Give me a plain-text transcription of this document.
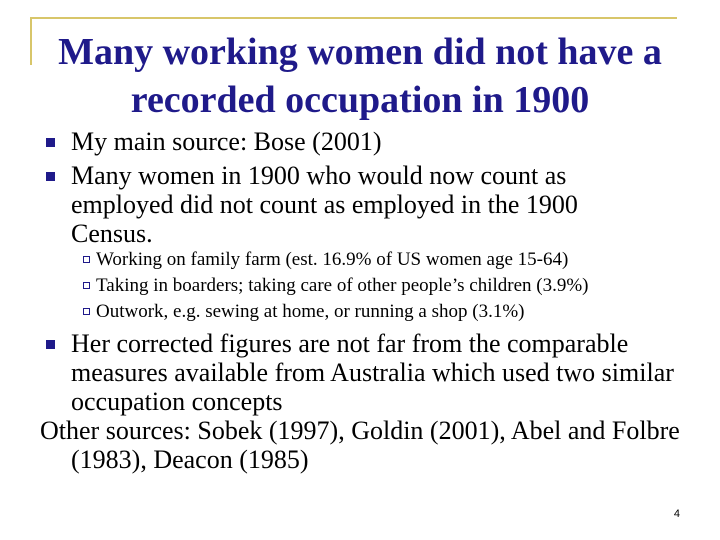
Many working women did not have a recorded occupation in 1900
My main source: Bose (2001)
Many women in 1900 who would now count as employed did not count as employed in the 1900 Census.
Working on family farm (est. 16.9% of US women age 15-64)
Taking in boarders; taking care of other people’s children (3.9%)
Outwork, e.g. sewing at home, or running a shop (3.1%)
Her corrected figures are not far from the comparable measures available from Australia which used two similar occupation concepts
Other sources: Sobek (1997), Goldin (2001), Abel and Folbre (1983), Deacon (1985)
4
